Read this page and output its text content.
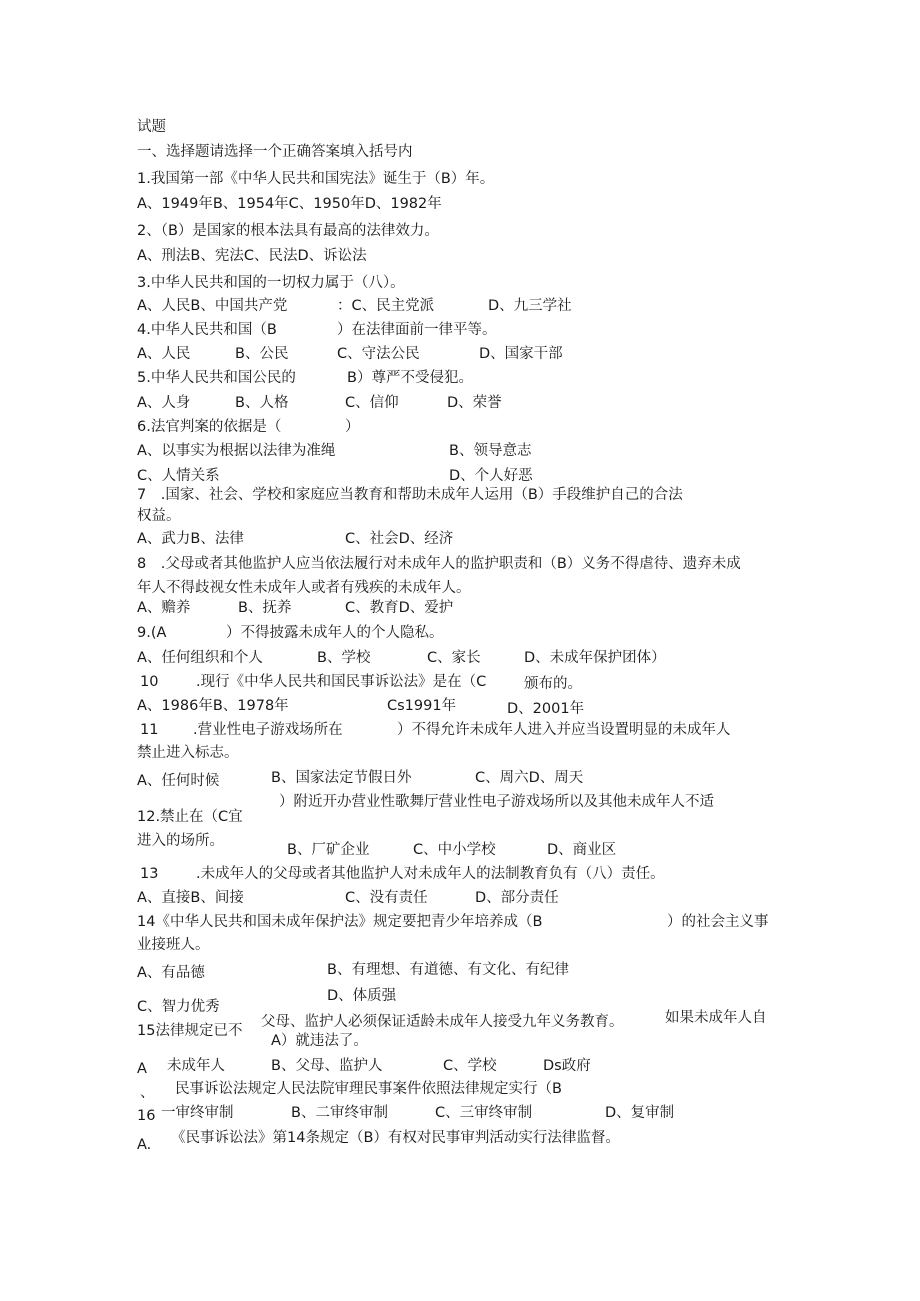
试题
一、选择题请选择一个正确答案填入括号内
1.我国第一部《中华人民共和国宪法》诞生于（B）年。
A、1949年B、1954年C、1950年D、1982年
2、（B）是国家的根本法具有最高的法律效力。
A、刑法B、宪法C、民法D、诉讼法
3.中华人民共和国的一切权力属于（八）。
A、人民B、中国共产党	：C、民主党派	D、九三学社
4.中华人民共和国（B	）在法律面前一律平等。
A、人民	B、公民	C、守法公民	D、国家干部
5.中华人民共和国公民的	B）尊严不受侵犯。
A、人身	B、人格	C、信仰	D、荣誉
6.法官判案的依据是（	）
A、以事实为根据以法律为准绳	B、领导意志
C、人情关系	D、个人好恶
7　.国家、社会、学校和家庭应当教育和帮助未成年人运用（B）手段维护自己的合法
权益。
A、武力B、法律	C、社会D、经济
8　.父母或者其他监护人应当依法履行对未成年人的监护职责和（B）义务不得虐待、遗弃未成
年人不得歧视女性未成年人或者有残疾的未成年人。
A、赡养	B、抚养	C、教育D、爱护
9.(A	）不得披露未成年人的个人隐私。
A、任何组织和个人	B、学校	C、家长	D、未成年保护团体）
10	.现行《中华人民共和国民事诉讼法》是在（C	颁布的。
A、1986年B、1978年	Cs1991年	D、2001年
11 .营业性电子游戏场所在	）不得允许未成年人进入并应当设置明显的未成年人
禁止进入标志。
A、任何时候	B、国家法定节假日外	C、周六D、周天
）附近开办营业性歌舞厅营业性电子游戏场所以及其他未成年人不适
12.禁止在（C宜
进入的场所。
B、厂矿企业	C、中小学校	D、商业区
13	.未成年人的父母或者其他监护人对未成年人的法制教育负有（八）责任。
A、直接B、间接	C、没有责任	D、部分责任
14《中华人民共和国未成年保护法》规定要把青少年培养成（B	）的社会主义事
业接班人。
A、有品德	B、有理想、有道德、有文化、有纪律
D、体质强
C、智力优秀
如果未成年人自
父母、监护人必须保证适龄未成年人接受九年义务教育。
15法律规定已不
A）就违法了。
A 未成年人	B、父母、监护人	C、学校	Ds政府
、 民事诉讼法规定人民法院审理民事案件依照法律规定实行（B
16 一审终审制	B、二审终审制	C、三审终审制	D、复审制
A. 《民事诉讼法》第14条规定（B）有权对民事审判活动实行法律监督。
